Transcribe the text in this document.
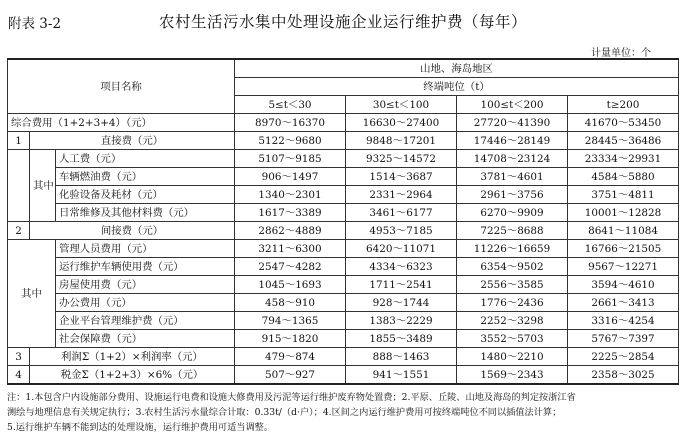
附表 3-2	农村生活污水集中处理设施企业运行维护费（每年）
计量单位：个
项目名称			山地、海岛地区			
			终端吨位（t）			
			5≤t＜30	30≤t＜100	100≤t＜200	t≥200
综合费用（1+2+3+4）（元）			8970～16370	16630～27400	27720～41390	41670～53450
1	直接费（元）		5122～9680	9848～17201	17446～28149	28445～36486
	其中	人工费（元）	5107～9185	9325～14572	14708～23124	23334～29931
		车辆燃油费（元）	906～1497	1514～3687	3781～4601	4584～5880
		化验设备及耗材（元）	1340～2301	2331～2964	2961～3756	3751～4811
		日常维修及其他材料费（元）	1617～3389	3461～6177	6270～9909	10001～12828
2	间接费（元）		2862～4889	4953～7185	7225～8688	8641～11084
其中		管理人员费用（元）	3211～6300	6420～11071	11226～16659	16766～21505
		运行维护车辆使用费（元）	2547～4282	4334～6323	6354～9502	9567～12271
		房屋使用费（元）	1045～1693	1711～2541	2556～3585	3594～4610
		办公费用（元）	458～910	928～1744	1776～2436	2661～3413
		企业平台管理维护费（元）	794～1365	1383～2229	2252～3298	3316～4254
		社会保障费（元）	915～1820	1855～3489	3552～5703	5767～7397
3	利润Σ（1+2）×利润率（元）		479～874	888～1463	1480～2210	2225～2854
4	税金Σ（1+2+3）×6%（元）		507～927	941～1551	1569～2343	2358～3025
注：1.本包含户内设施部分费用、设施运行电费和设施大修费用及污泥等运行维护废弃物处置费；2.平原、丘陵、山地及海岛的判定按浙江省
测绘与地理信息有关规定执行；3.农村生活污水量综合计取：0.33t/（d·户）；4.区间之内运行维护费用可按终端吨位不同以插值法计算；
5.运行维护车辆不能到达的处理设施，运行维护费用可适当调整。
